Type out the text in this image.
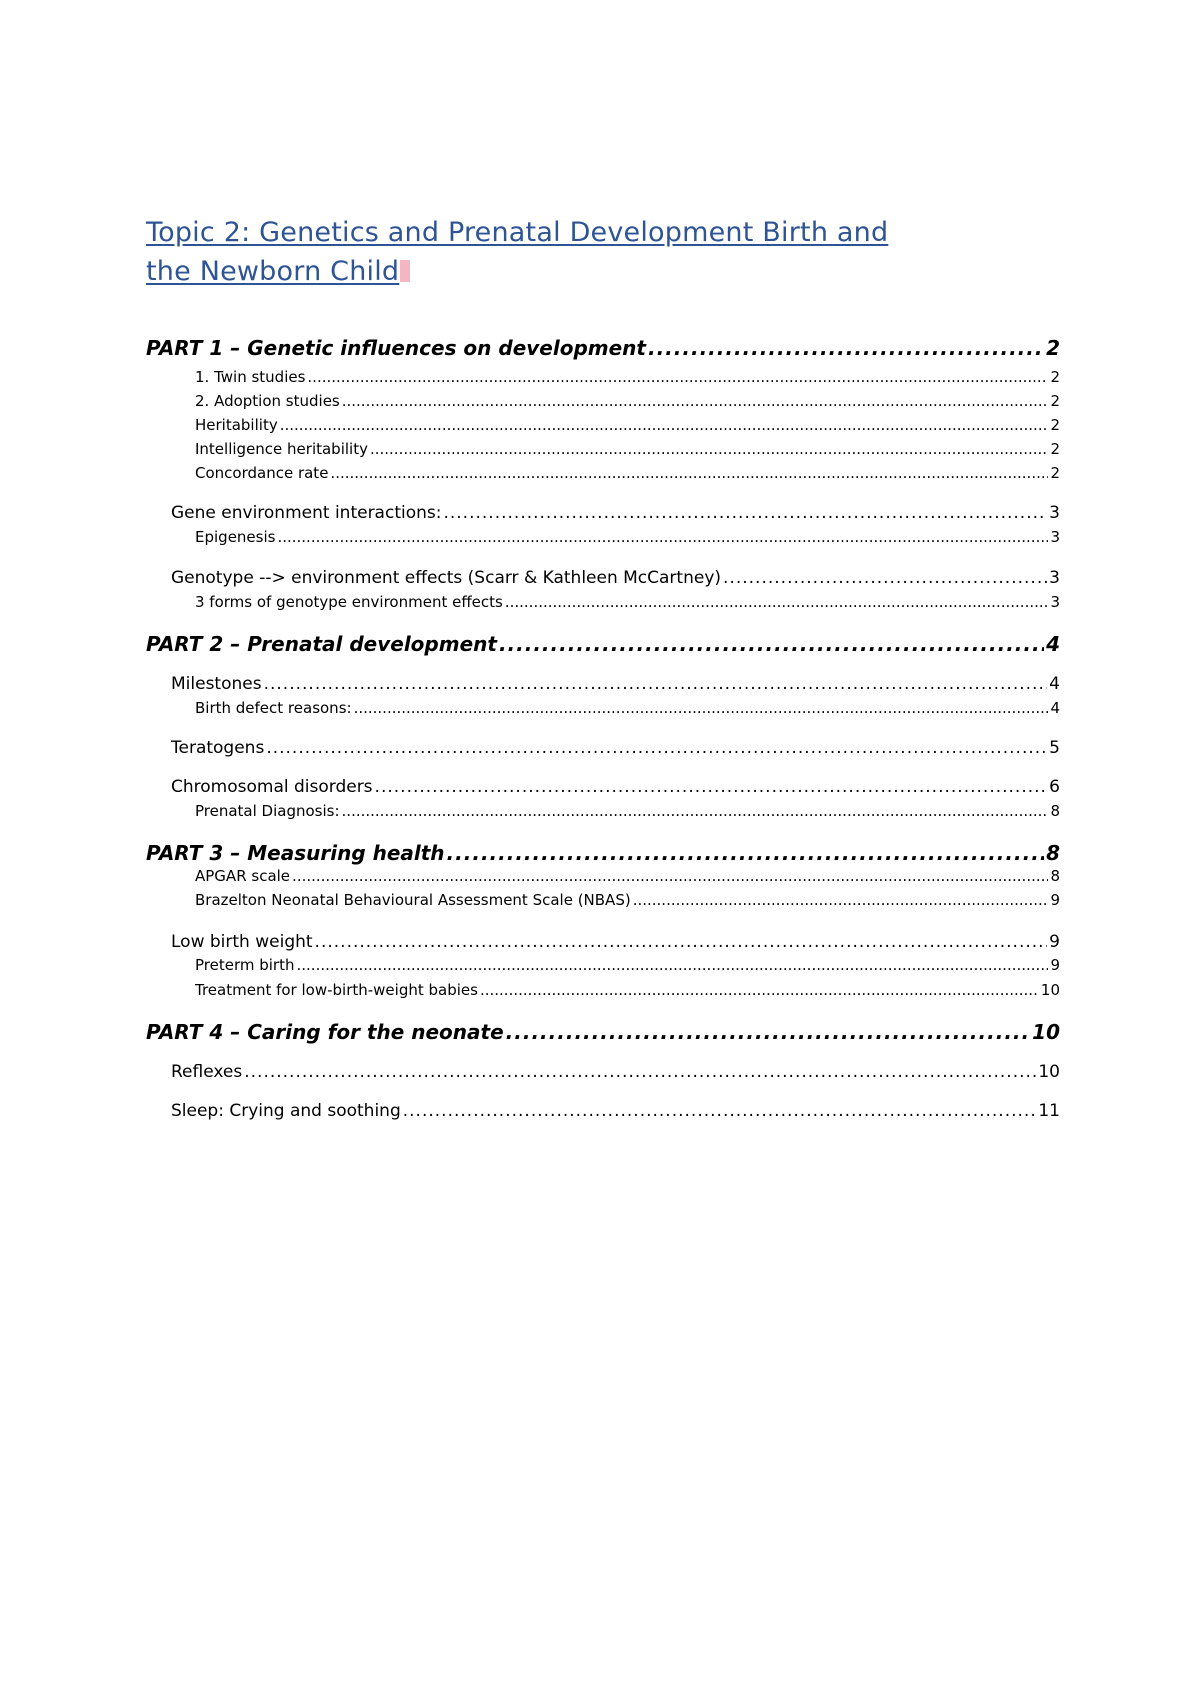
Topic 2: Genetics and Prenatal Development Birth and
the Newborn Child
PART 1 – Genetic influences on development .....	2
1. Twin studies .....	2
2. Adoption studies .....	2
Heritability .....	2
Intelligence heritability .....	2
Concordance rate .....	2
Gene environment interactions: .....	3
Epigenesis .....	3
Genotype --> environment effects (Scarr & Kathleen McCartney) .....	3
3 forms of genotype environment effects .....	3
PART 2 – Prenatal development .....	4
Milestones .....	4
Birth defect reasons: .....	4
Teratogens .....	5
Chromosomal disorders .....	6
Prenatal Diagnosis: .....	8
PART 3 – Measuring health .....	8
APGAR scale .....	8
Brazelton Neonatal Behavioural Assessment Scale (NBAS) .....	9
Low birth weight .....	9
Preterm birth .....	9
Treatment for low-birth-weight babies .....	10
PART 4 – Caring for the neonate .....	10
Reflexes .....	10
Sleep: Crying and soothing .....	11
